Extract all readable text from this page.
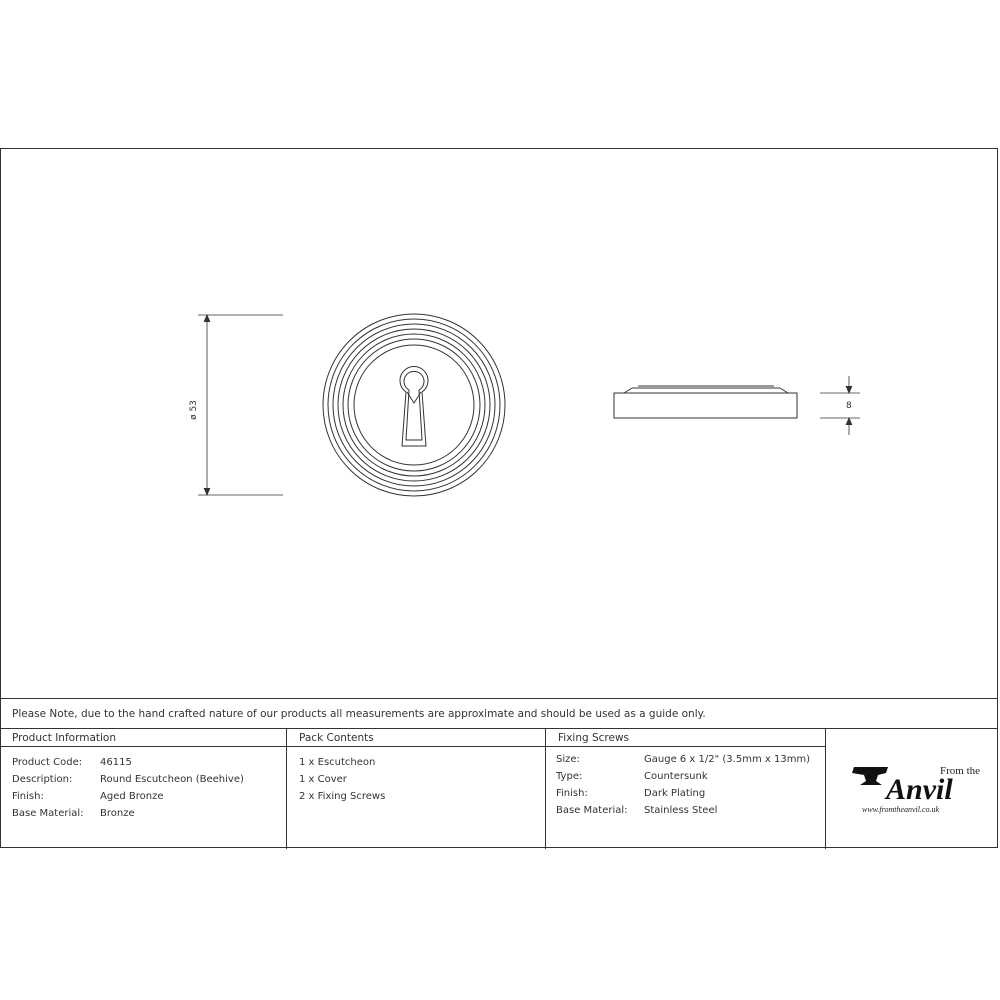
ø 53	8
Please Note, due to the hand crafted nature of our products all measurements are approximate and should be used as a guide only.
Product Information
Product Code: 46115
Description:	Round Escutcheon (Beehive)
Finish:	Aged Bronze
Base Material: Bronze
Pack Contents
1 x Escutcheon
1 x Cover
2 x Fixing Screws
Fixing Screws
Size:	Gauge 6 x 1/2" (3.5mm x 13mm)
Type:	Countersunk
Finish:	Dark Plating
Base Material: Stainless Steel
From the
Anvil
www.fromtheanvil.co.uk
